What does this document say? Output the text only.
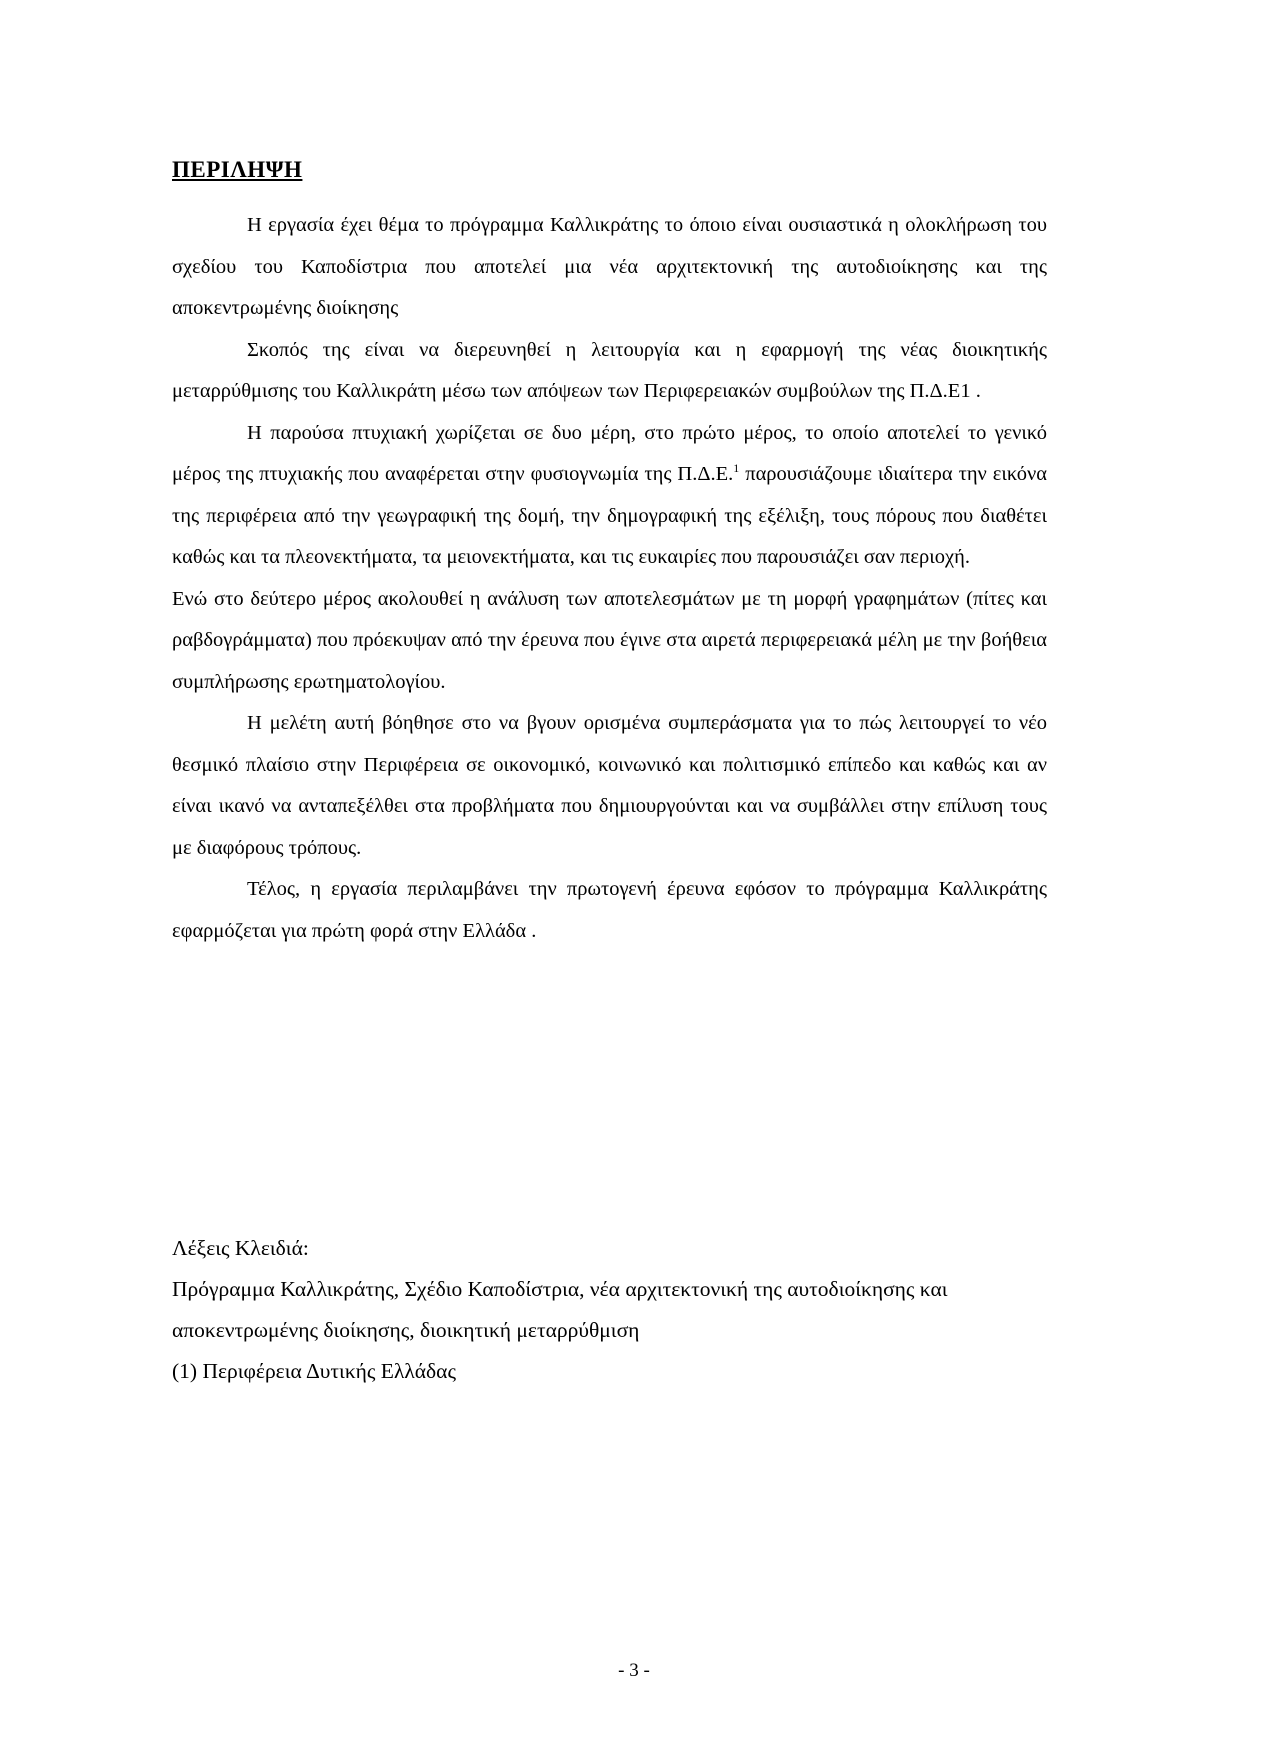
ΠΕΡΙΛΗΨΗ

Η εργασία έχει θέμα το πρόγραμμα Καλλικράτης το όποιο είναι ουσιαστικά η ολοκλήρωση του σχεδίου του Καποδίστρια που αποτελεί μια νέα αρχιτεκτονική της αυτοδιοίκησης και της αποκεντρωμένης διοίκησης

Σκοπός της είναι να διερευνηθεί η λειτουργία και η εφαρμογή της νέας διοικητικής μεταρρύθμισης του Καλλικράτη μέσω των απόψεων των Περιφερειακών συμβούλων της Π.Δ.Ε1 .

Η παρούσα πτυχιακή χωρίζεται σε δυο μέρη, στο πρώτο μέρος, το οποίο αποτελεί το γενικό μέρος της πτυχιακής που αναφέρεται στην φυσιογνωμία της Π.Δ.Ε.$^1$ παρουσιάζουμε ιδιαίτερα την εικόνα της περιφέρεια από την γεωγραφική της δομή, την δημογραφική της εξέλιξη, τους πόρους που διαθέτει καθώς και τα πλεονεκτήματα, τα μειονεκτήματα, και τις ευκαιρίες που παρουσιάζει σαν περιοχή.

Ενώ στο δεύτερο μέρος ακολουθεί η ανάλυση των αποτελεσμάτων με τη μορφή γραφημάτων (πίτες και ραβδογράμματα) που πρόεκυψαν από την έρευνα που έγινε στα αιρετά περιφερειακά μέλη με την βοήθεια συμπλήρωσης ερωτηματολογίου.

Η μελέτη αυτή βόηθησε στο να βγουν ορισμένα συμπεράσματα για το πώς λειτουργεί το νέο θεσμικό πλαίσιο στην Περιφέρεια σε οικονομικό, κοινωνικό και πολιτισμικό επίπεδο και καθώς και αν είναι ικανό να ανταπεξέλθει στα προβλήματα που δημιουργούνται και να συμβάλλει στην επίλυση τους με διαφόρους τρόπους.

Τέλος, η εργασία περιλαμβάνει την πρωτογενή έρευνα εφόσον το πρόγραμμα Καλλικράτης εφαρμόζεται για πρώτη φορά στην Ελλάδα .

Λέξεις Κλειδιά:

Πρόγραμμα Καλλικράτης, Σχέδιο Καποδίστρια, νέα αρχιτεκτονική της αυτοδιοίκησης και αποκεντρωμένης διοίκησης, διοικητική μεταρρύθμιση

(1) Περιφέρεια Δυτικής Ελλάδας

- 3 -
